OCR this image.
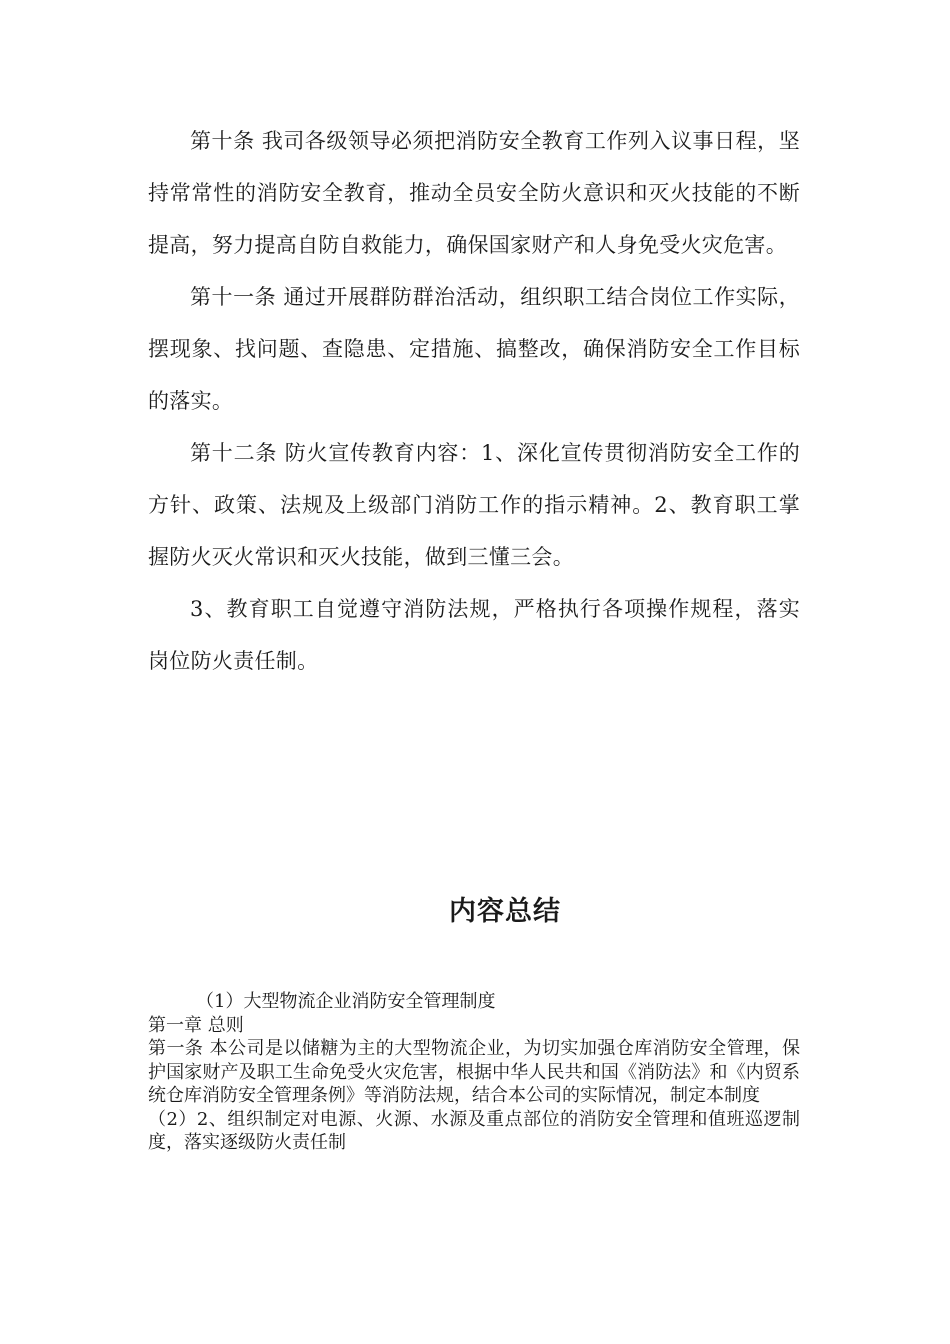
第十条 我司各级领导必须把消防安全教育工作列入议事日程，坚持常常性的消防安全教育，推动全员安全防火意识和灭火技能的不断提高，努力提高自防自救能力，确保国家财产和人身免受火灾危害。

第十一条 通过开展群防群治活动，组织职工结合岗位工作实际，摆现象、找问题、查隐患、定措施、搞整改，确保消防安全工作目标的落实。

第十二条 防火宣传教育内容：1、深化宣传贯彻消防安全工作的方针、政策、法规及上级部门消防工作的指示精神。2、教育职工掌握防火灭火常识和灭火技能，做到三懂三会。

3、教育职工自觉遵守消防法规，严格执行各项操作规程，落实岗位防火责任制。

内容总结

（1）大型物流企业消防安全管理制度

第一章 总则

第一条 本公司是以储糖为主的大型物流企业，为切实加强仓库消防安全管理，保护国家财产及职工生命免受火灾危害，根据中华人民共和国《消防法》和《内贸系统仓库消防安全管理条例》等消防法规，结合本公司的实际情况，制定本制度

（2）2、组织制定对电源、火源、水源及重点部位的消防安全管理和值班巡逻制度，落实逐级防火责任制
